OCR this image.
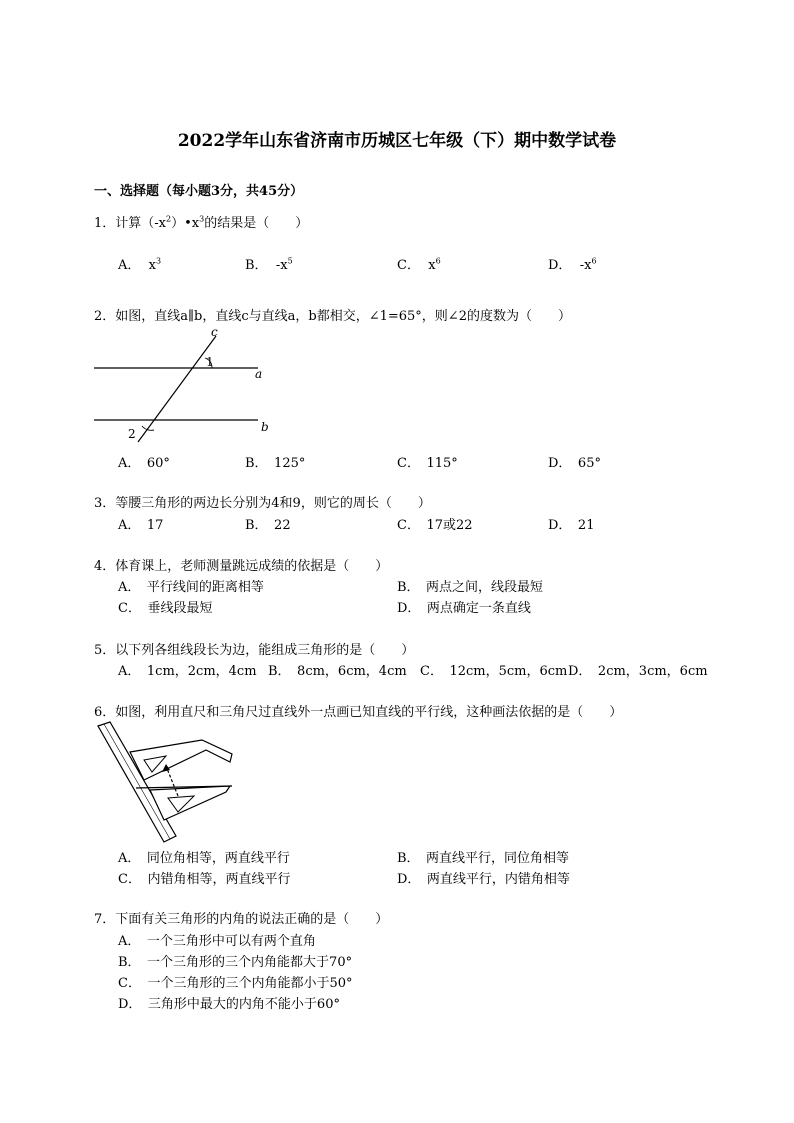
2022学年山东省济南市历城区七年级（下）期中数学试卷
一、选择题（每小题3分，共45分）
1．计算$(-x^2)•x^3$的结果是（　　）
A． $x^3$	B． $-x^5$	C． $x^6$	D． $-x^6$
2．如图，直线a∥b，直线c与直线a，b都相交，∠1=65°，则∠2的度数为（　　）
c
1
a
2	b
A．　60°	B．　125°	C．　115°	D．　65°
3．等腰三角形的两边长分别为4和9，则它的周长（　　）
A．　17	B．　22	C．　17或22	D．　21
4．体育课上，老师测量跳远成绩的依据是（　　）
A．　平行线间的距离相等	B．　两点之间，线段最短
C．　垂线段最短	D．　两点确定一条直线
5．以下列各组线段长为边，能组成三角形的是（　　）
A．　1cm，2cm，4cm B．　8cm，6cm，4cm C．　12cm，5cm，6cm D．　2cm，3cm，6cm
6．如图，利用直尺和三角尺过直线外一点画已知直线的平行线，这种画法依据的是（　　）
A．　同位角相等，两直线平行	B．　两直线平行，同位角相等
C．　内错角相等，两直线平行	D．　两直线平行，内错角相等
7．下面有关三角形的内角的说法正确的是（　　）
A．　一个三角形中可以有两个直角
B．　一个三角形的三个内角能都大于70°
C．　一个三角形的三个内角能都小于50°
D．　三角形中最大的内角不能小于60°
